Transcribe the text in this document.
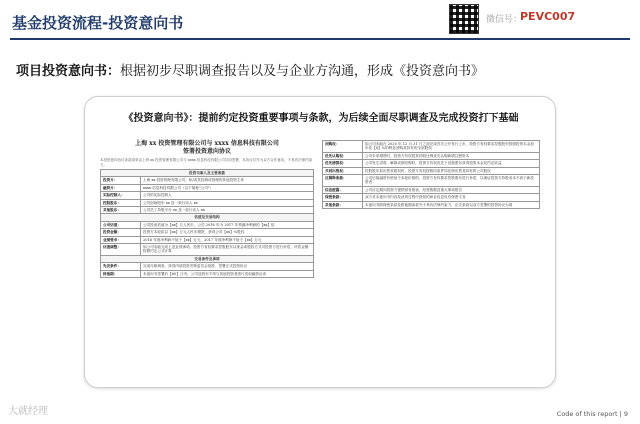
基金投资流程-投资意向书	微信号：
PEVC007
项目投资意向书：根据初步尽职调查报告以及与企业方沟通，形成《投资意向书》
《投资意向书》：提前约定投资重要事项与条款，为后续全面尽职调查及完成投资打下基础
上海 xx 投资管理有限公司与 xxxx 信息科技有限公司
签署投资意向协议
本投资意向协议条款清单由上海 xx 投资管理有限公司与 xxxx 信息科技有限公司共同签署，本协议仅作为双方合作意向，不具有法律约束力。
投资当事人及主要条款	
投资方：	上海 xx 投资管理有限公司，和/或其控制或管理的其他投资主体
融资方：	xxxx 信息科技有限公司（以下简称"公司"）
实际控制人：	公司的实际控制人
控股股东：	公司创始股东 xx 及一致行动人 xx
其他股东：	公司员工持股平台 xx 及一致行动人 xx
估值及交易结构	
公司估值：	公司投前估值为【xx】万人民币，公司 2016 年为 2017 年预测净利润的【xx】倍
投资金额：	投资方本轮拟以【xx】万元人民币增资，获得公司【xx】%股权
业绩要求：	2016 年度净利润不低于【xx】万元，2017 年度净利润不低于【xx】万元
估值调整：	如公司未能完成上述业绩承诺，投资方有权要求控股股东以现金或股权方式对投资方进行补偿，补偿金额按照约定公式计算
交易条件及承诺	
先决条件：	完成尽职调查、获得内部投资决策委员会批准、签署正式投资协议
排他期：	本意向书签署后【60】日内，公司及股东不得与其他投资者进行类似融资洽谈
回购权：	如公司未能在 2020 年 12 月 31 日之前完成首次公开发行上市，投资方有权要求控股股东按照投资本金加年化【8】%的利息回购其持有的全部股权
优先认购权：	公司未来增资时，投资方有权按其持股比例优先认购新增注册资本
优先清算权：	公司发生清算、解散或被收购时，投资方有权优先于其他股东获得投资本金及约定收益
共同出售权：	控股股东拟出售其股权时，投资方有权按相同条件同比例出售其持有的公司股权
反稀释条款：	公司后续融资价格低于本轮价格的，投资方有权要求控股股东进行补偿，以保证投资方持股成本不高于新投资者
信息披露：	公司应定期向投资方提供财务报表、经营数据及重大事项报告
保密条款：	双方对本意向书内容及谈判过程中获知的商业信息负有保密义务
其他条款：	本意向书除保密条款及排他期条款外不具有法律约束力，正式条款以双方签署的投资协议为准
大就经理	Code of this report | 9
